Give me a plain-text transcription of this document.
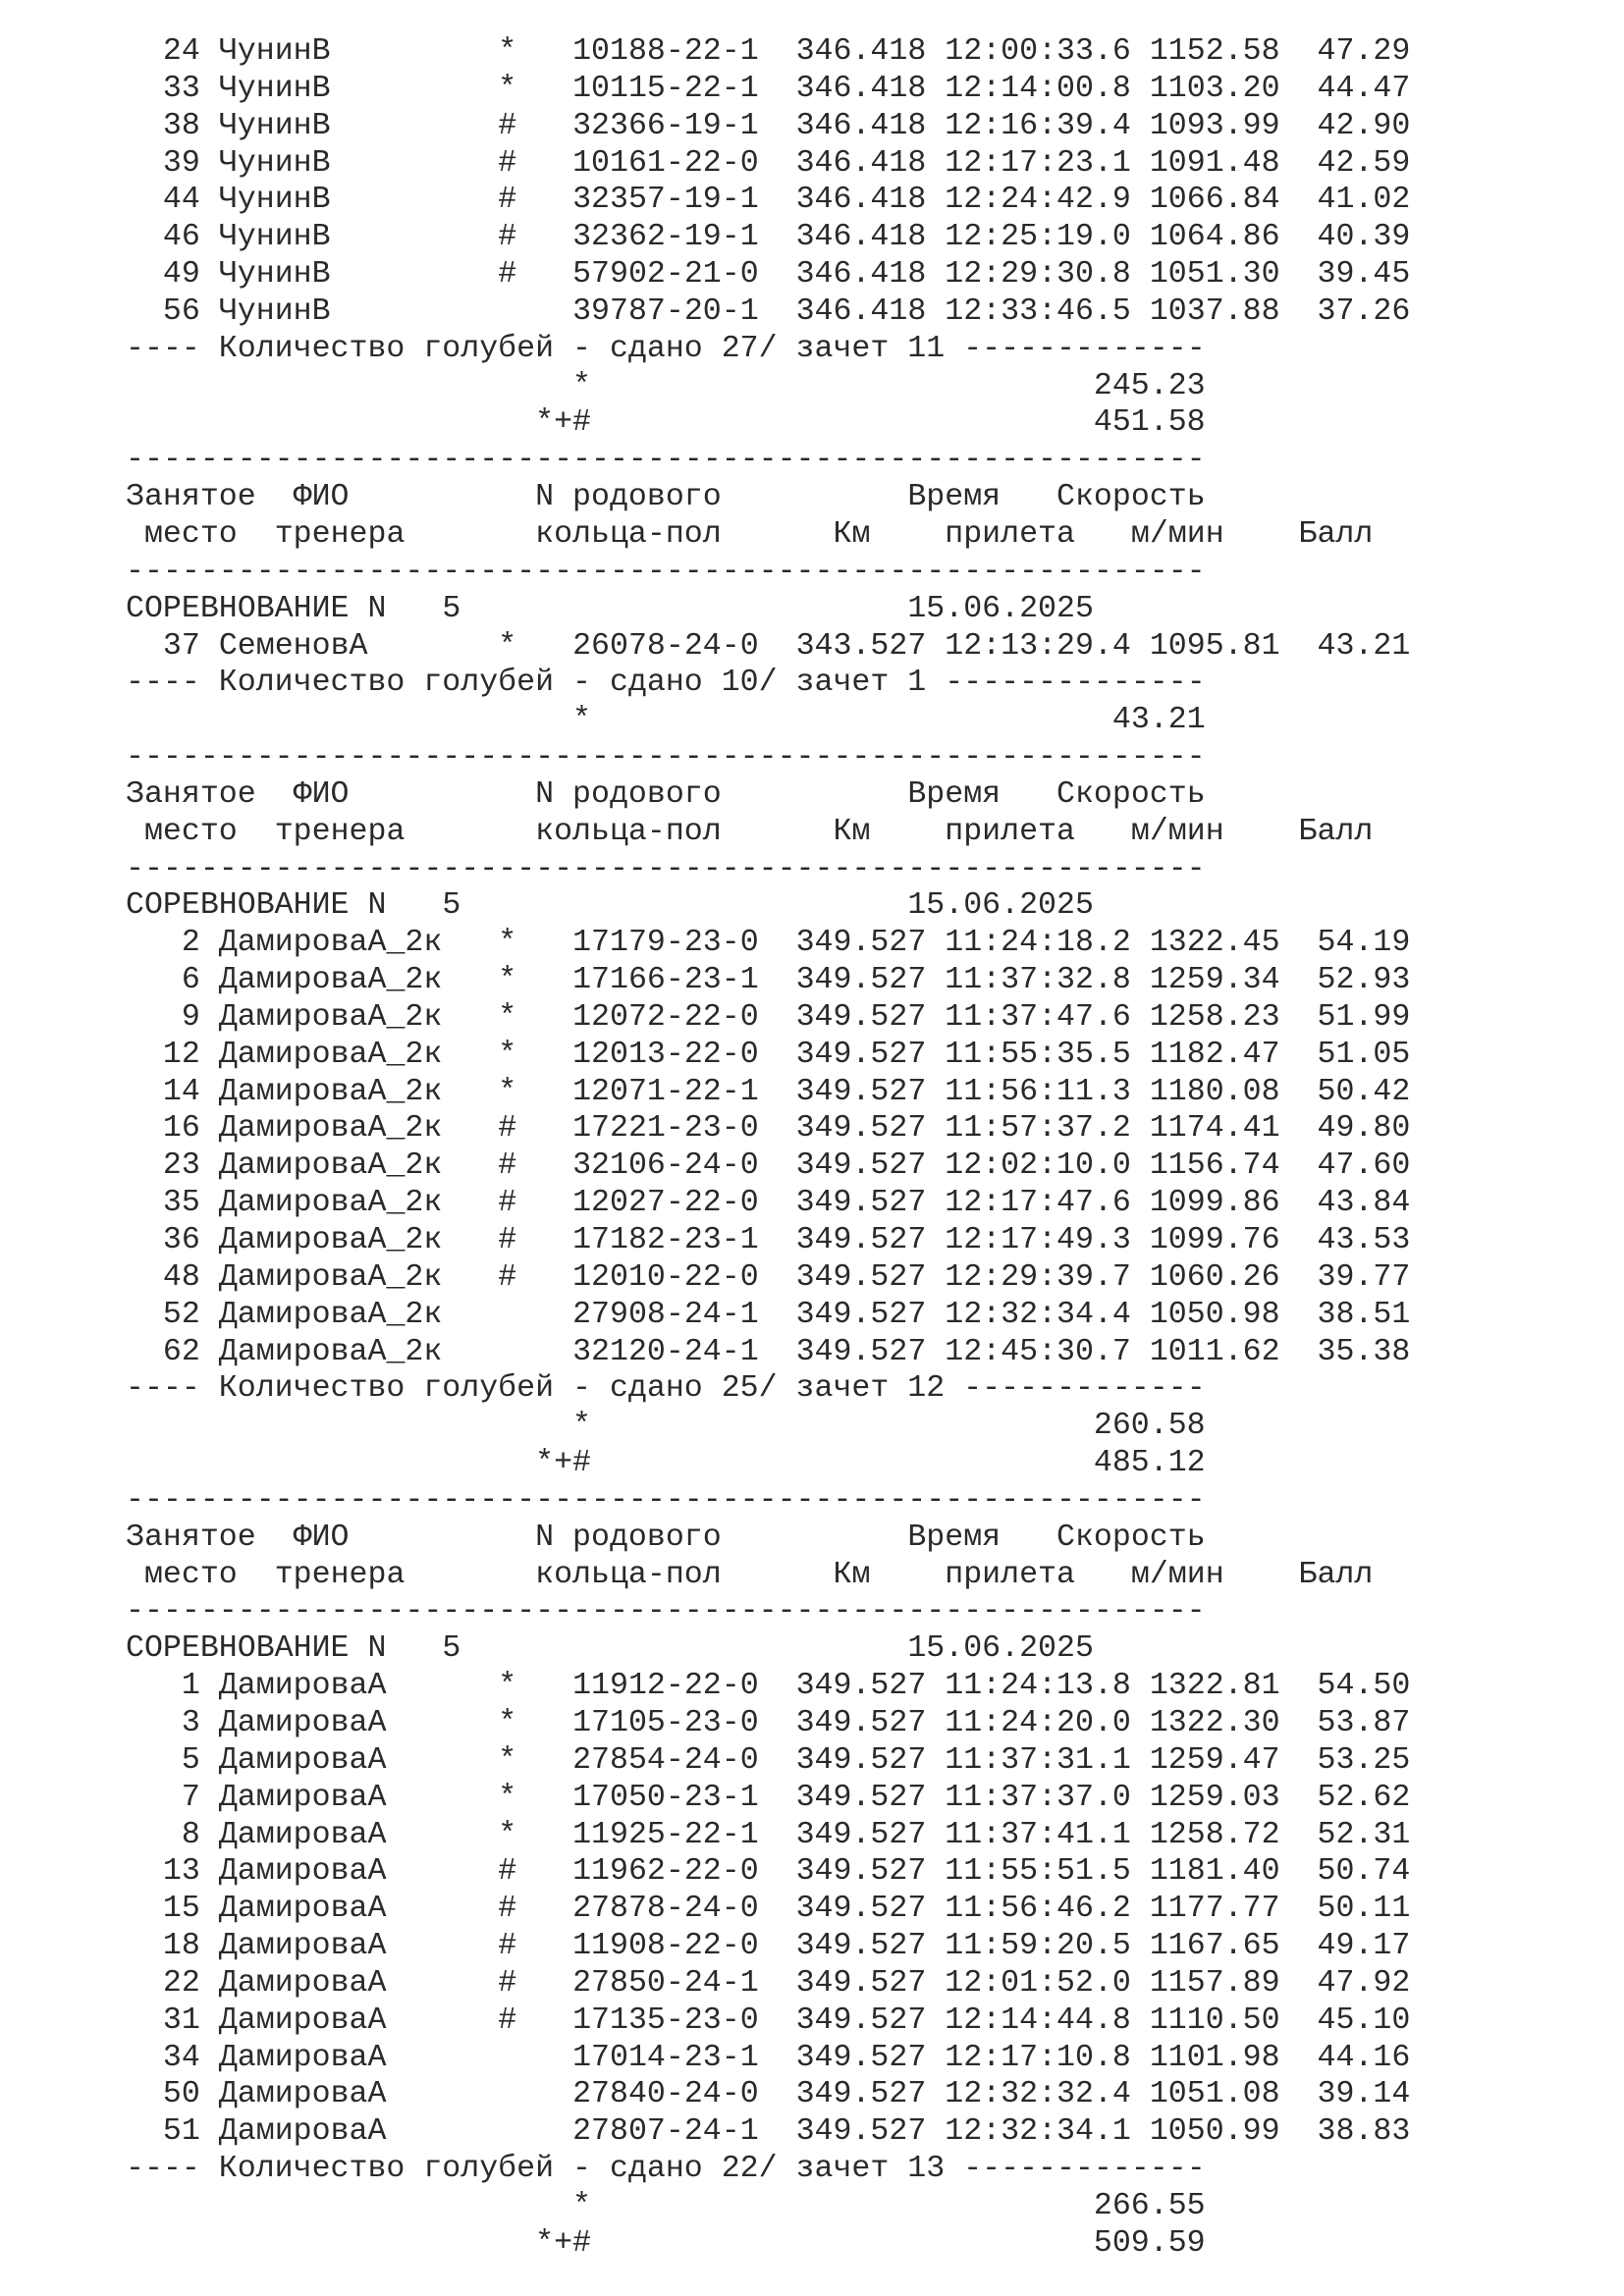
24 ЧунинВ         * 10188-22-1 346.418 12:00:33.6 1152.58  47.29
33 ЧунинВ         * 10115-22-1 346.418 12:14:00.8 1103.20  44.47
38 ЧунинВ         # 32366-19-1 346.418 12:16:39.4 1093.99  42.90
39 ЧунинВ         # 10161-22-0 346.418 12:17:23.1 1091.48  42.59
44 ЧунинВ         # 32357-19-1 346.418 12:24:42.9 1066.84  41.02
46 ЧунинВ         # 32362-19-1 346.418 12:25:19.0 1064.86  40.39
49 ЧунинВ         # 57902-21-0 346.418 12:29:30.8 1051.30  39.45
56 ЧунинВ	39787-20-1 346.418 12:33:46.5 1037.88  37.26
---- Количество голубей - сдано 27/ зачет 11 -------------
*	245.23
*+#	451.58
----------------------------------------------------------
Занятое ФИО	N родового	Время Скорость
место тренера	кольца-пол	Км прилета м/мин Балл
----------------------------------------------------------
СОРЕВНОВАНИЕ N 5	15.06.2025
37 СеменовА       * 26078-24-0 343.527 12:13:29.4 1095.81  43.21
---- Количество голубей - сдано 10/ зачет 1 --------------
*	43.21
----------------------------------------------------------
Занятое ФИО	N родового	Время Скорость
место тренера	кольца-пол	Км прилета м/мин Балл
----------------------------------------------------------
СОРЕВНОВАНИЕ N 5	15.06.2025
2 ДамироваА_2к   * 17179-23-0 349.527 11:24:18.2 1322.45  54.19
6 ДамироваА_2к   * 17166-23-1 349.527 11:37:32.8 1259.34  52.93
9 ДамироваА_2к   * 12072-22-0 349.527 11:37:47.6 1258.23  51.99
12 ДамироваА_2к   * 12013-22-0 349.527 11:55:35.5 1182.47  51.05
14 ДамироваА_2к   * 12071-22-1 349.527 11:56:11.3 1180.08  50.42
16 ДамироваА_2к   # 17221-23-0 349.527 11:57:37.2 1174.41  49.80
23 ДамироваА_2к   # 32106-24-0 349.527 12:02:10.0 1156.74  47.60
35 ДамироваА_2к   # 12027-22-0 349.527 12:17:47.6 1099.86  43.84
36 ДамироваА_2к   # 17182-23-1 349.527 12:17:49.3 1099.76  43.53
48 ДамироваА_2к   # 12010-22-0 349.527 12:29:39.7 1060.26  39.77
52 ДамироваА_2к	27908-24-1 349.527 12:32:34.4 1050.98  38.51
62 ДамироваА_2к	32120-24-1 349.527 12:45:30.7 1011.62  35.38
---- Количество голубей - сдано 25/ зачет 12 -------------
*	260.58
*+#	485.12
----------------------------------------------------------
Занятое ФИО	N родового	Время Скорость
место тренера	кольца-пол	Км прилета м/мин Балл
----------------------------------------------------------
СОРЕВНОВАНИЕ N 5	15.06.2025
1 ДамироваА      * 11912-22-0 349.527 11:24:13.8 1322.81  54.50
3 ДамироваА      * 17105-23-0 349.527 11:24:20.0 1322.30  53.87
5 ДамироваА      * 27854-24-0 349.527 11:37:31.1 1259.47  53.25
7 ДамироваА      * 17050-23-1 349.527 11:37:37.0 1259.03  52.62
8 ДамироваА      * 11925-22-1 349.527 11:37:41.1 1258.72  52.31
13 ДамироваА      # 11962-22-0 349.527 11:55:51.5 1181.40  50.74
15 ДамироваА      # 27878-24-0 349.527 11:56:46.2 1177.77  50.11
18 ДамироваА      # 11908-22-0 349.527 11:59:20.5 1167.65  49.17
22 ДамироваА      # 27850-24-1 349.527 12:01:52.0 1157.89  47.92
31 ДамироваА      # 17135-23-0 349.527 12:14:44.8 1110.50  45.10
34 ДамироваА	17014-23-1 349.527 12:17:10.8 1101.98  44.16
50 ДамироваА	27840-24-0 349.527 12:32:32.4 1051.08  39.14
51 ДамироваА	27807-24-1 349.527 12:32:34.1 1050.99  38.83
---- Количество голубей - сдано 22/ зачет 13 -------------
*	266.55
*+#	509.59
